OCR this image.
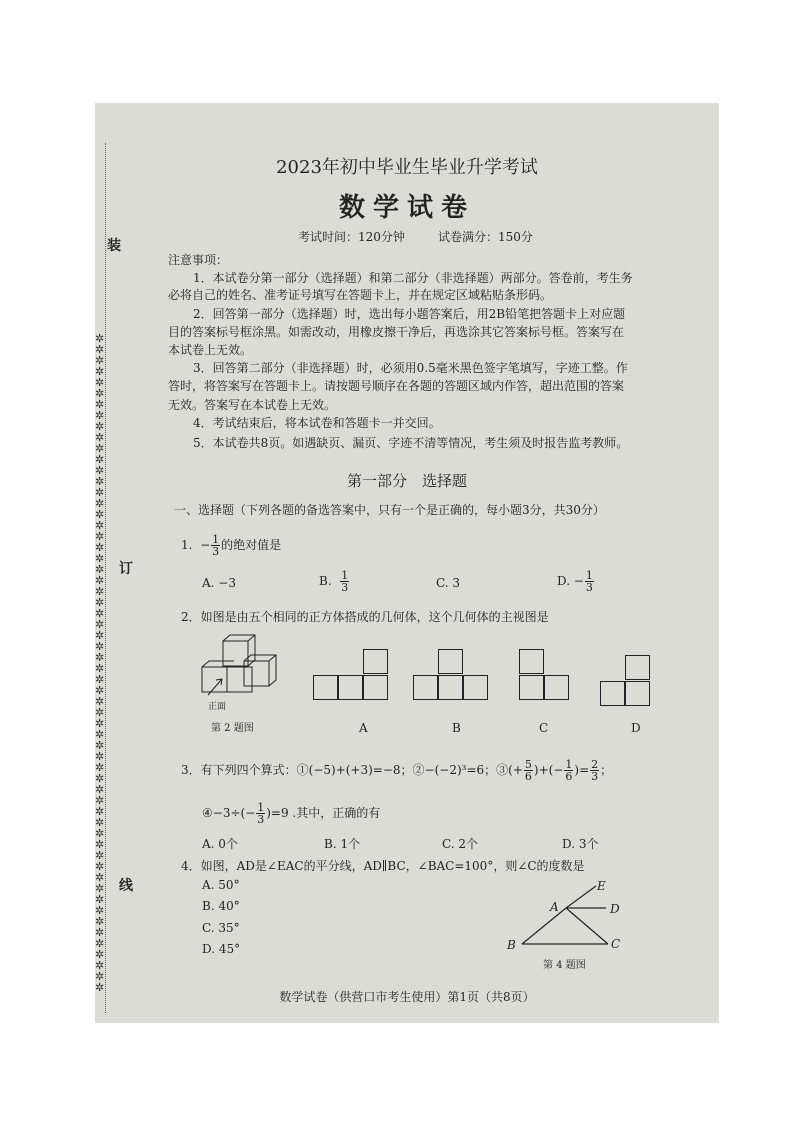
装
订
线
✲
✲
✲
✲
✲
✲
✲
✲
✲
✲
✲
✲
✲
✲
✲
✲
✲
✲
✲
✲
✲
✲
✲
✲
✲
✲
✲
✲
✲
✲
✲
✲
✲
✲
✲
✲
✲
✲
✲
✲
✲
✲
✲
✲
✲
✲
✲
✲
✲
✲
✲
✲
✲
✲
✲
✲
✲
✲
✲
✲
2023年初中毕业生毕业升学考试
数学试卷
考试时间：120分钟	试卷满分：150分
注意事项：
1．本试卷分第一部分（选择题）和第二部分（非选择题）两部分。答卷前，考生务
必将自己的姓名、准考证号填写在答题卡上，并在规定区域粘贴条形码。
2．回答第一部分（选择题）时，选出每小题答案后，用2B铅笔把答题卡上对应题
目的答案标号框涂黑。如需改动，用橡皮擦干净后，再选涂其它答案标号框。答案写在
本试卷上无效。
3．回答第二部分（非选择题）时，必须用0.5毫米黑色签字笔填写，字迹工整。作
答时，将答案写在答题卡上。请按题号顺序在各题的答题区域内作答，超出范围的答案
无效。答案写在本试卷上无效。
4．考试结束后，将本试卷和答题卡一并交回。
5．本试卷共8页。如遇缺页、漏页、字迹不清等情况，考生须及时报告监考教师。
第一部分　选择题
一、选择题（下列各题的备选答案中，只有一个是正确的，每小题3分，共30分）
1. − $\frac{1}{3}$ 的绝对值是
A. −3	B. $\frac{1}{3}$	C. 3	D. − $\frac{1}{3}$
2．如图是由五个相同的正方体搭成的几何体，这个几何体的主视图是
正面
第 2 题图	A	B	C	D
3．有下列四个算式：①(−5)+(+3)=−8；②−(−2)³=6；③(+ $\frac{5}{6}$ )+(− $\frac{1}{6}$ )= $\frac{2}{3}$ ；
④−3÷(− $\frac{1}{3} )=9$ .其中，正确的有
A. 0个	B. 1个	C. 2个	D. 3个
4．如图，AD是∠EAC的平分线，AD∥BC，∠BAC=100°，则∠C的度数是
A. 50°
B. 40°
C. 35°
D. 45°
E
A	D
B	C
第 4 题图
数学试卷（供营口市考生使用）第1页（共8页）
